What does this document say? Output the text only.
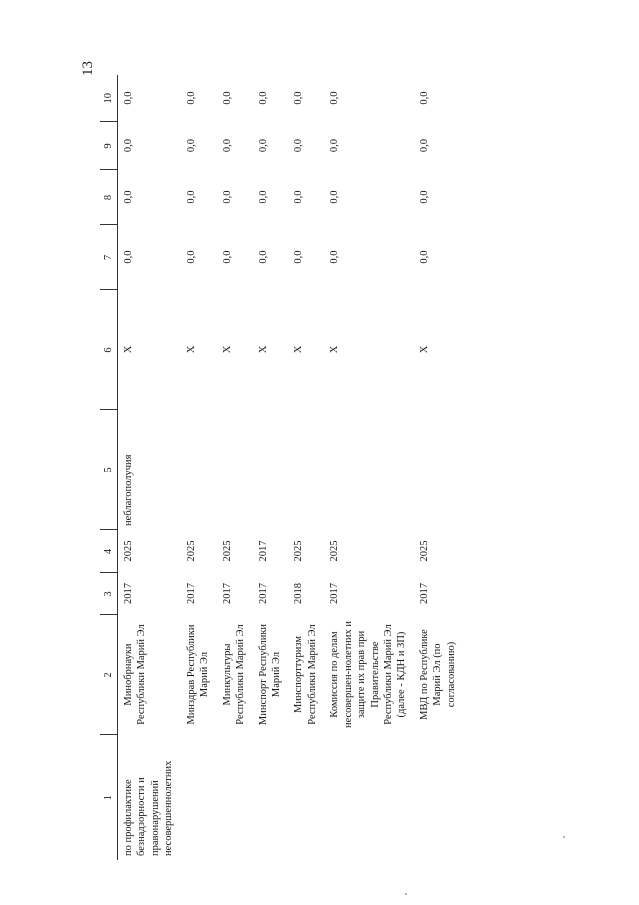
13
1	2	3	4	5	6	7	8	9	10
по профилактике безнадзорности и правонарушений несовершеннолетних	Минобрнауки Республики Марий Эл	2017	2025	неблагополучия	Х	0,0	0,0	0,0	0,0
	Минздрав Республики Марий Эл	2017	2025		Х	0,0	0,0	0,0	0,0
	Минкультуры Республики Марий Эл	2017	2025		Х	0,0	0,0	0,0	0,0
	Минспорт Республики Марий Эл	2017	2017		Х	0,0	0,0	0,0	0,0
	Минспорттуризм Республики Марий Эл	2018	2025		Х	0,0	0,0	0,0	0,0
	Комиссия по делам несовершен-нолетних и защите их прав при Правительстве Республики Марий Эл (далее - КДН и ЗП)	2017	2025		Х	0,0	0,0	0,0	0,0
	МВД по Республике Марий Эл (по согласованию)	2017	2025		Х	0,0	0,0	0,0	0,0
